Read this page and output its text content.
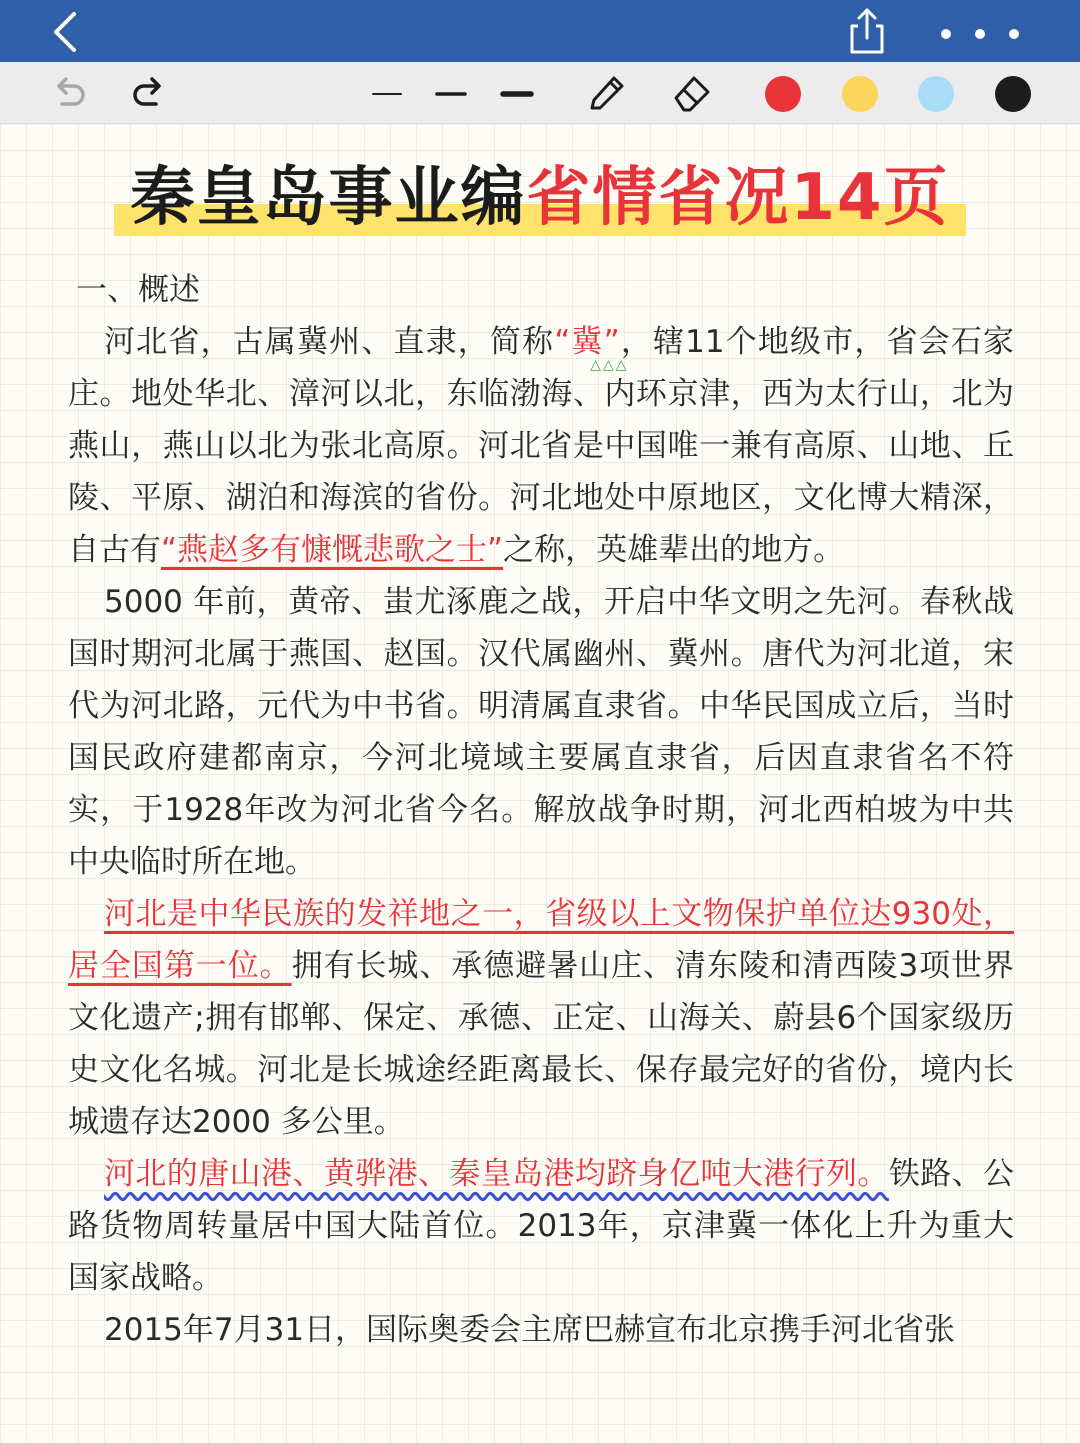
秦皇岛事业编省情省况14页
一、概述

河北省，古属冀州、直隶，简称“冀”
△△△
，辖11个地级市，省会石家庄。地处华北、漳河以北，东临渤海、内环京津，西为太行山，北为燕山，燕山以北为张北高原。河北省是中国唯一兼有高原、山地、丘陵、平原、湖泊和海滨的省份。河北地处中原地区，文化博大精深，自古有“燕赵多有慷慨悲歌之士”之称，英雄辈出的地方。

5000 年前，黄帝、蚩尤涿鹿之战，开启中华文明之先河。春秋战国时期河北属于燕国、赵国。汉代属幽州、冀州。唐代为河北道，宋代为河北路，元代为中书省。明清属直隶省。中华民国成立后，当时国民政府建都南京，今河北境域主要属直隶省，后因直隶省名不符实，于1928年改为河北省今名。解放战争时期，河北西柏坡为中共中央临时所在地。

河北是中华民族的发祥地之一，省级以上文物保护单位达930处，居全国第一位。拥有长城、承德避暑山庄、清东陵和清西陵3项世界文化遗产;拥有邯郸、保定、承德、正定、山海关、蔚县6个国家级历史文化名城。河北是长城途经距离最长、保存最完好的省份，境内长城遗存达2000 多公里。

河北的唐山港、黄骅港、秦皇岛港均跻身亿吨大港行列。铁路、公路货物周转量居中国大陆首位。2013年，京津冀一体化上升为重大国家战略。

2015年7月31日，国际奥委会主席巴赫宣布北京携手河北省张
